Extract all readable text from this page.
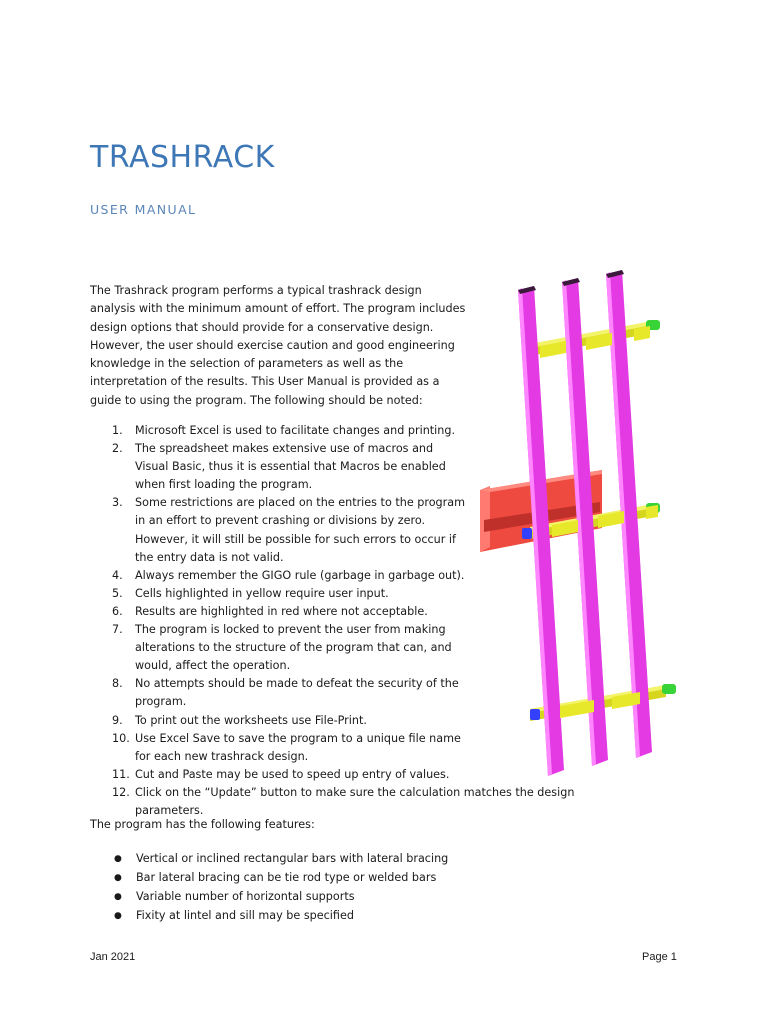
TRASHRACK
USER MANUAL

The Trashrack program performs a typical trashrack design analysis with the minimum amount of effort. The program includes design options that should provide for a conservative design. However, the user should exercise caution and good engineering knowledge in the selection of parameters as well as the interpretation of the results. This User Manual is provided as a guide to using the program. The following should be noted:

1. Microsoft Excel is used to facilitate changes and printing.
2. The spreadsheet makes extensive use of macros and Visual Basic, thus it is essential that Macros be enabled when first loading the program.
3. Some restrictions are placed on the entries to the program in an effort to prevent crashing or divisions by zero. However, it will still be possible for such errors to occur if the entry data is not valid.
4. Always remember the GIGO rule (garbage in garbage out).
5. Cells highlighted in yellow require user input.
6. Results are highlighted in red where not acceptable.
7. The program is locked to prevent the user from making alterations to the structure of the program that can, and would, affect the operation.
8. No attempts should be made to defeat the security of the program.
9. To print out the worksheets use File-Print.
10. Use Excel Save to save the program to a unique file name for each new trashrack design.
11. Cut and Paste may be used to speed up entry of values.
12. Click on the “Update” button to make sure the calculation matches the design parameters.
The program has the following features:
● Vertical or inclined rectangular bars with lateral bracing
● Bar lateral bracing can be tie rod type or welded bars
● Variable number of horizontal supports
● Fixity at lintel and sill may be specified
Jan 2021	Page 1
